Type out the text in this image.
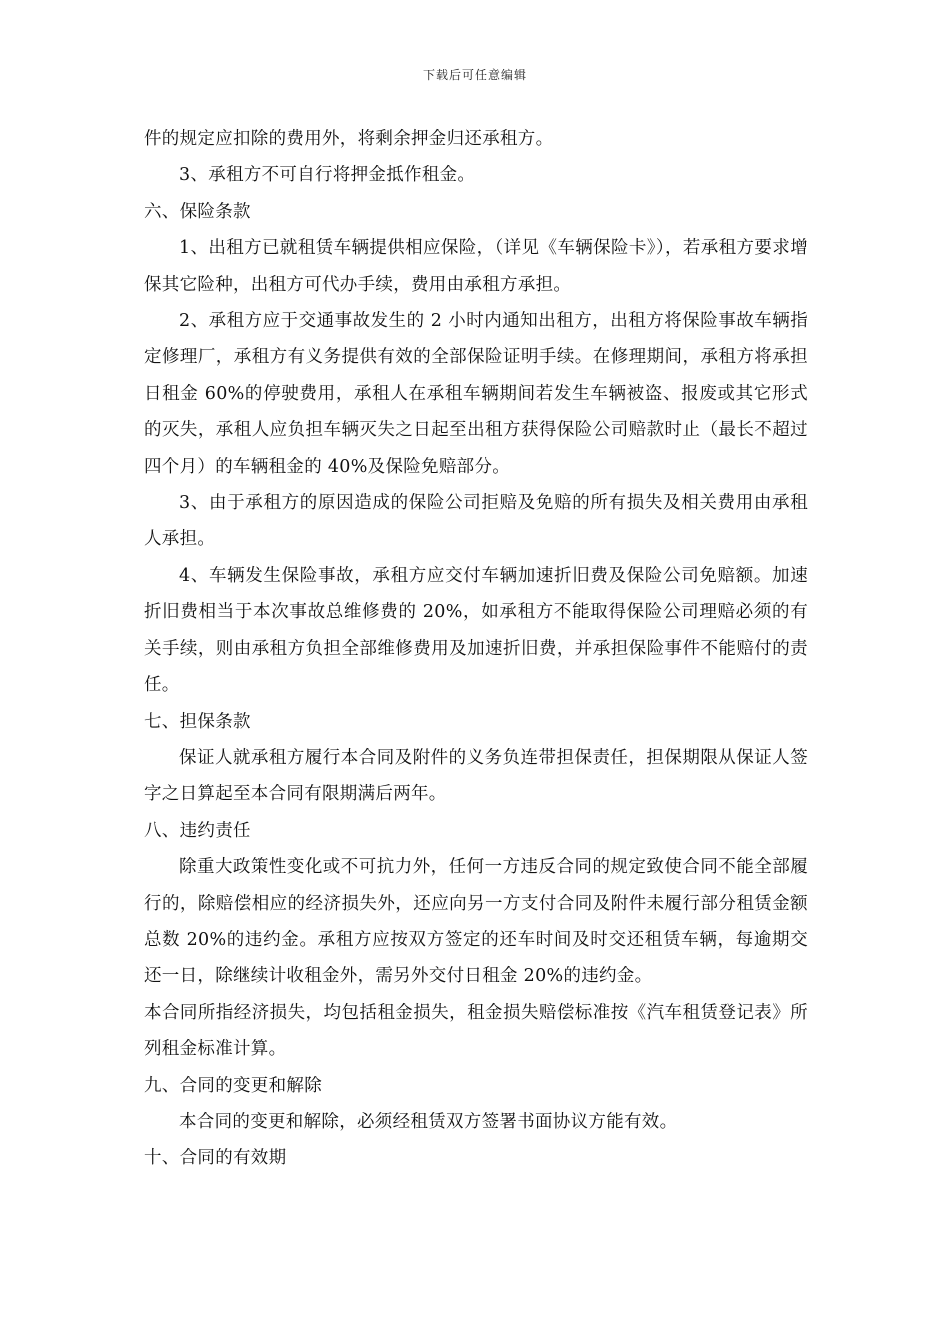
下载后可任意编辑

件的规定应扣除的费用外，将剩余押金归还承租方。

3、承租方不可自行将押金抵作租金。

六、保险条款

1、出租方已就租赁车辆提供相应保险，（详见《车辆保险卡》），若承租方要求增保其它险种，出租方可代办手续，费用由承租方承担。

2、承租方应于交通事故发生的 2 小时内通知出租方，出租方将保险事故车辆指定修理厂，承租方有义务提供有效的全部保险证明手续。在修理期间，承租方将承担日租金 60%的停驶费用，承租人在承租车辆期间若发生车辆被盗、报废或其它形式的灭失，承租人应负担车辆灭失之日起至出租方获得保险公司赔款时止（最长不超过四个月）的车辆租金的 40%及保险免赔部分。

3、由于承租方的原因造成的保险公司拒赔及免赔的所有损失及相关费用由承租人承担。

4、车辆发生保险事故，承租方应交付车辆加速折旧费及保险公司免赔额。加速折旧费相当于本次事故总维修费的 20%，如承租方不能取得保险公司理赔必须的有关手续，则由承租方负担全部维修费用及加速折旧费，并承担保险事件不能赔付的责任。

七、担保条款

保证人就承租方履行本合同及附件的义务负连带担保责任，担保期限从保证人签字之日算起至本合同有限期满后两年。

八、违约责任

除重大政策性变化或不可抗力外，任何一方违反合同的规定致使合同不能全部履行的，除赔偿相应的经济损失外，还应向另一方支付合同及附件未履行部分租赁金额总数 20%的违约金。承租方应按双方签定的还车时间及时交还租赁车辆，每逾期交还一日，除继续计收租金外，需另外交付日租金 20%的违约金。

本合同所指经济损失，均包括租金损失，租金损失赔偿标准按《汽车租赁登记表》所列租金标准计算。

九、合同的变更和解除

本合同的变更和解除，必须经租赁双方签署书面协议方能有效。

十、合同的有效期
